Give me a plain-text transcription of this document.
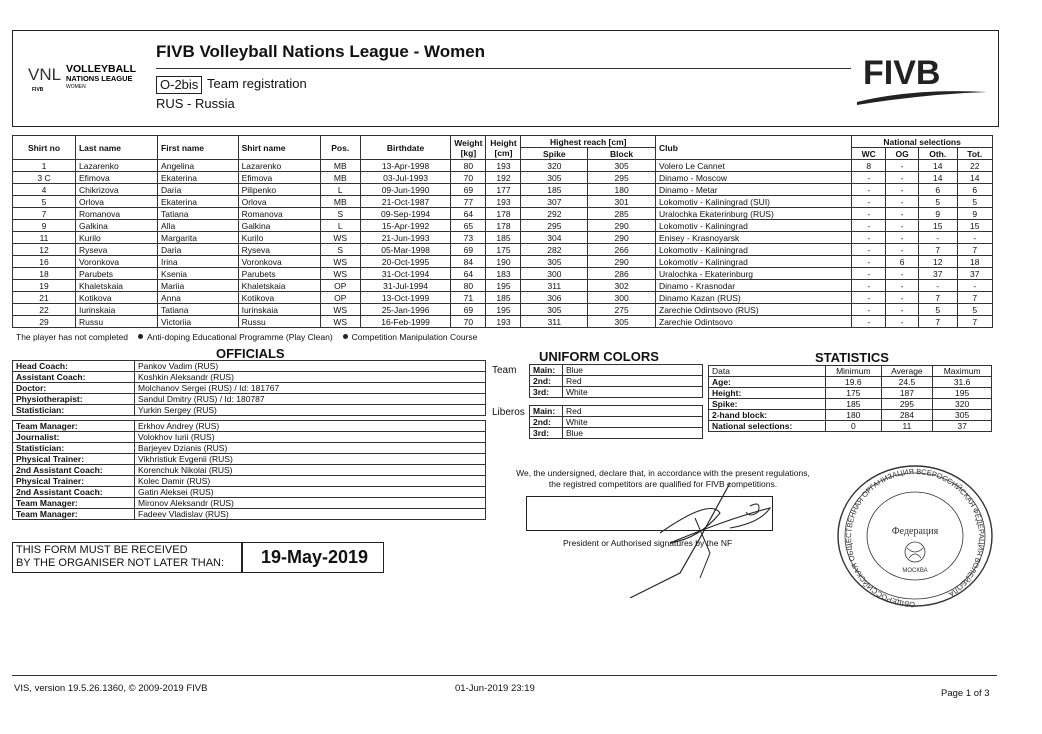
VNL
FIVB
VOLLEYBALL
NATIONS LEAGUE
WOMEN
FIVB Volleyball Nations League - Women
O-2bis Team registration
RUS - Russia
FIVB
Shirt no	Last name	First name	Shirt name	Pos.	Birthdate	Weight [kg]	Height [cm]	Highest reach [cm]		Club	National selections			
								Spike	Block		WC	OG	Oth.	Tot.
1	Lazarenko	Angelina	Lazarenko	MB	13-Apr-1998	80	193	320	305	Volero Le Cannet	8	-	14	22
3 C	Efimova	Ekaterina	Efimova	MB	03-Jul-1993	70	192	305	295	Dinamo - Moscow	-	-	14	14
4	Chikrizova	Daria	Pilipenko	L	09-Jun-1990	69	177	185	180	Dinamo - Metar	-	-	6	6
5	Orlova	Ekaterina	Orlova	MB	21-Oct-1987	77	193	307	301	Lokomotiv - Kaliningrad (SUI)	-	-	5	5
7	Romanova	Tatiana	Romanova	S	09-Sep-1994	64	178	292	285	Uralochka Ekaterinburg (RUS)	-	-	9	9
9	Galkina	Alla	Galkina	L	15-Apr-1992	65	178	295	290	Lokomotiv - Kaliningrad	-	-	15	15
11	Kurilo	Margarita	Kurilo	WS	21-Jun-1993	73	185	304	290	Enisey - Krasnoyarsk	-	-	-	-
12	Ryseva	Daria	Ryseva	S	05-Mar-1998	69	175	282	266	Lokomotiv - Kaliningrad	-	-	7	7
16	Voronkova	Irina	Voronkova	WS	20-Oct-1995	84	190	305	290	Lokomotiv - Kaliningrad	-	6	12	18
18	Parubets	Ksenia	Parubets	WS	31-Oct-1994	64	183	300	286	Uralochka - Ekaterinburg	-	-	37	37
19	Khaletskaia	Mariia	Khaletskaia	OP	31-Jul-1994	80	195	311	302	Dinamo - Krasnodar	-	-	-	-
21	Kotikova	Anna	Kotikova	OP	13-Oct-1999	71	185	306	300	Dinamo Kazan (RUS)	-	-	7	7
22	Iurinskaia	Tatiana	Iurinskaia	WS	25-Jan-1996	69	195	305	275	Zarechie Odintsovo (RUS)	-	-	5	5
29	Russu	Victoriia	Russu	WS	16-Feb-1999	70	193	311	305	Zarechie Odintsovo	-	-	7	7
The player has not completed Anti-doping Educational Programme (Play Clean) Competition Manipulation Course
OFFICIALS
Head Coach:	Pankov Vadim (RUS)
Assistant Coach:	Koshkin Aleksandr (RUS)
Doctor:	Molchanov Sergei (RUS) / Id: 181767
Physiotherapist:	Sandul Dmitry (RUS) / Id: 180787
Statistician:	Yurkin Sergey (RUS)

Team Manager:	Erkhov Andrey (RUS)
Journalist:	Volokhov Iurii (RUS)
Statistician:	Barjeyev Dzianis (RUS)
Physical Trainer:	Vikhristiuk Evgenii (RUS)
2nd Assistant Coach:	Korenchuk Nikolai (RUS)
Physical Trainer:	Kolec Damir (RUS)
2nd Assistant Coach:	Gatin Aleksei (RUS)
Team Manager:	Mironov Aleksandr (RUS)
Team Manager:	Fadeev Vladislav (RUS)
UNIFORM COLORS
Team
Liberos
Main:	Blue
2nd:	Red
3rd:	White
Main:	Red
2nd:	White
3rd:	Blue
STATISTICS
Data	Minimum	Average	Maximum
Age:	19.6	24.5	31.6
Height:	175	187	195
Spike:	185	295	320
2-hand block:	180	284	305
National selections:	0	11	37
We, the undersigned, declare that, in accordance with the present regulations,
the registred competitors are qualified for FIVB competitions.
President or Authorised signatures by the NF
ОБЩЕРОССИЙСКАЯ ОБЩЕСТВЕННАЯ ОРГАНИЗАЦИЯ ВСЕРОССИЙСКАЯ ФЕДЕРАЦИЯ ВОЛЕЙБОЛА
Федерация
МОСКВА
THIS FORM MUST BE RECEIVED
BY THE ORGANISER NOT LATER THAN:	19-May-2019
VIS, version 19.5.26.1360, © 2009-2019 FIVB	01-Jun-2019 23:19	Page 1 of 3
